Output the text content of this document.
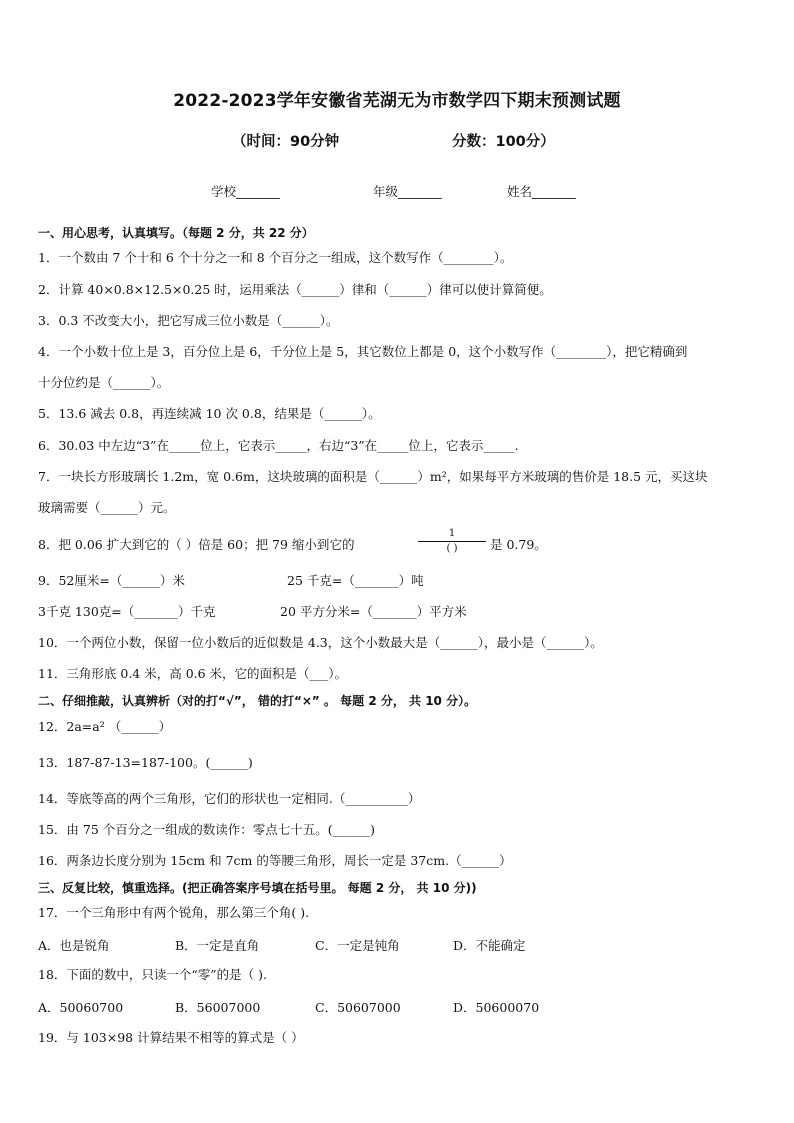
2022-2023学年安徽省芜湖无为市数学四下期末预测试题
（时间：90分钟	分数：100分）
学校_______	年级_______	姓名_______
一、用心思考，认真填写。（每题 2 分，共 22 分）
1．一个数由 7 个十和 6 个十分之一和 8 个百分之一组成，这个数写作（________）。
2．计算 40×0.8×12.5×0.25 时，运用乘法（______）律和（______）律可以使计算简便。
3．0.3 不改变大小，把它写成三位小数是（______）。
4．一个小数十位上是 3，百分位上是 6，千分位上是 5，其它数位上都是 0，这个小数写作（________），把它精确到
十分位约是（______）。
5．13.6 减去 0.8，再连续减 10 次 0.8，结果是（______）。
6．30.03 中左边“3”在_____位上，它表示_____，右边“3”在_____位上，它表示_____.
7．一块长方形玻璃长 1.2m，宽 0.6m，这块玻璃的面积是（______）m²，如果每平方米玻璃的售价是 18.5 元，买这块
玻璃需要（______）元。
8．把 0.06 扩大到它的（ ）倍是 60；把 79 缩小到它的
1
( )	是 0.79。
9．52厘米=（______）米	25 千克=（_______）吨
3千克 130克=（_______）千克	20 平方分米=（_______）平方米
10．一个两位小数，保留一位小数后的近似数是 4.3，这个小数最大是（______），最小是（______）。
11．三角形底 0.4 米，高 0.6 米，它的面积是（___）。
二、仔细推敲，认真辨析（对的打“√”， 错的打“×” 。 每题 2 分， 共 10 分）。
12．2a=a² （______）
13．187-87-13=187-100。(______)
14．等底等高的两个三角形，它们的形状也一定相同.（__________）
15．由 75 个百分之一组成的数读作：零点七十五。(______)
16．两条边长度分别为 15cm 和 7cm 的等腰三角形，周长一定是 37cm.（______）
三、反复比较，慎重选择。(把正确答案序号填在括号里。 每题 2 分， 共 10 分))
17．一个三角形中有两个锐角，那么第三个角( ).
A．也是锐角	B．一定是直角	C．一定是钝角	D．不能确定
18．下面的数中，只读一个“零”的是（ ).
A．50060700	B．56007000	C．50607000	D．50600070
19．与 103×98 计算结果不相等的算式是（ ）
